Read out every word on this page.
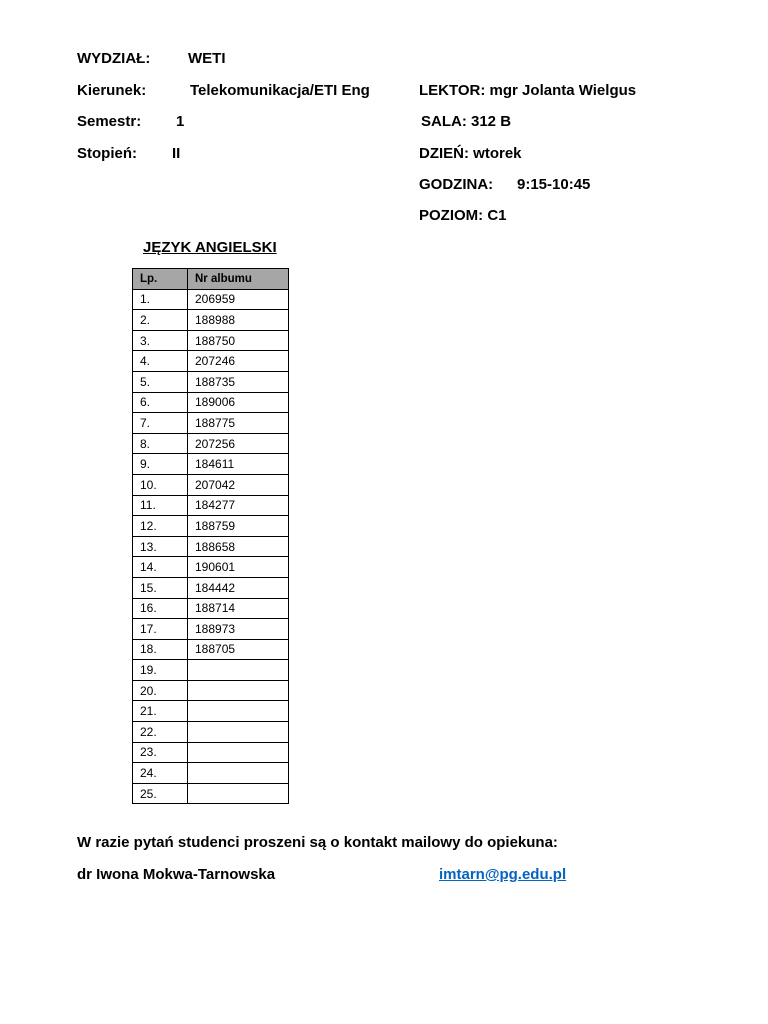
WYDZIAŁ:	WETI
Kierunek:	Telekomunikacja/ETI Eng
Semestr: 1
Stopień: II
LEKTOR: mgr Jolanta Wielgus
SALA: 312 B
DZIEŃ: wtorek
GODZINA: 9:15-10:45
POZIOM: C1
JĘZYK ANGIELSKI
Lp.	Nr albumu
1.	206959
2.	188988
3.	188750
4.	207246
5.	188735
6.	189006
7.	188775
8.	207256
9.	184611
10.	207042
11.	184277
12.	188759
13.	188658
14.	190601
15.	184442
16.	188714
17.	188973
18.	188705
19.	
20.	
21.	
22.	
23.	
24.	
25.	
W razie pytań studenci proszeni są o kontakt mailowy do opiekuna:
dr Iwona Mokwa-Tarnowska	imtarn@pg.edu.pl
